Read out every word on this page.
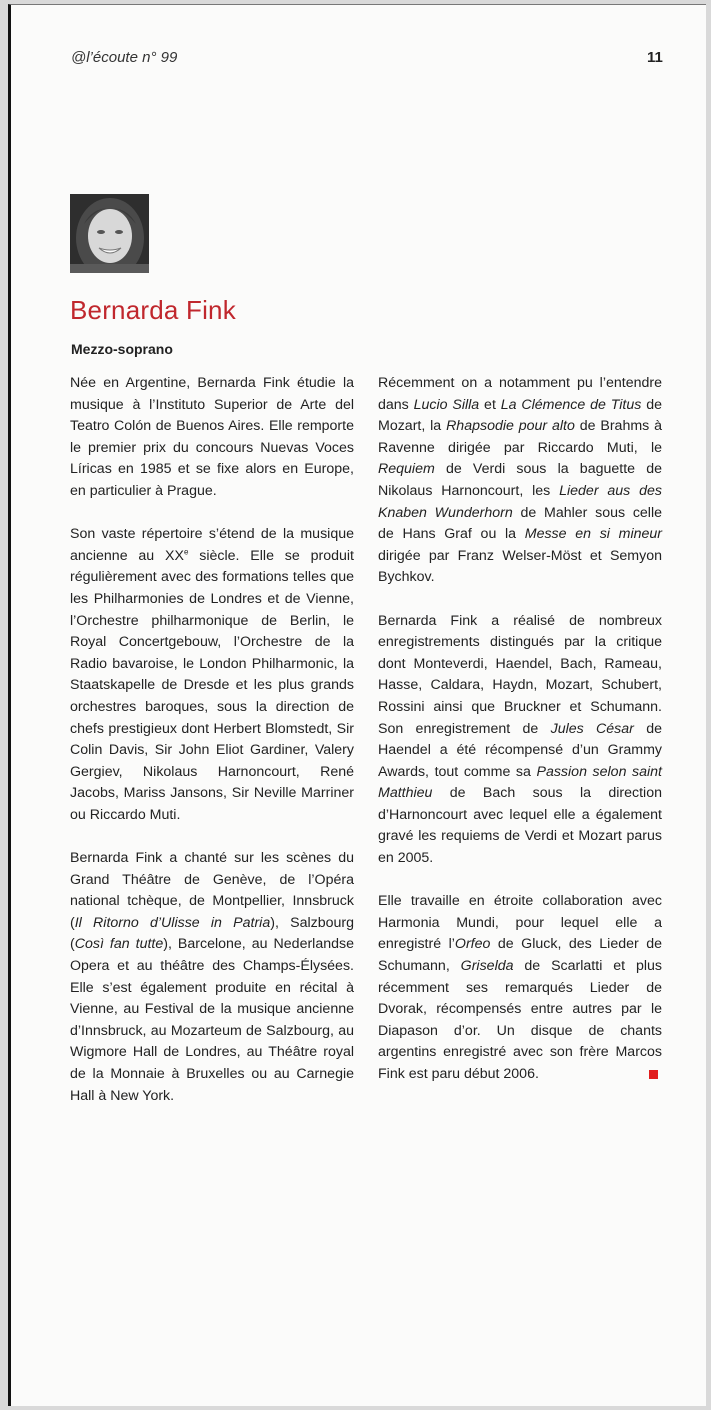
@l’écoute n° 99	11
Bernarda Fink
Mezzo-soprano

Née en Argentine, Bernarda Fink étudie la musique à l’Instituto Superior de Arte del Teatro Colón de Buenos Aires. Elle remporte le premier prix du concours Nuevas Voces Líricas en 1985 et se fixe alors en Europe, en particulier à Prague.

Son vaste répertoire s’étend de la musique ancienne au XXe siècle. Elle se produit régulièrement avec des formations telles que les Philharmonies de Londres et de Vienne, l’Orchestre philharmonique de Berlin, le Royal Concertgebouw, l’Orchestre de la Radio bavaroise, le London Philharmonic, la Staatskapelle de Dresde et les plus grands orchestres baroques, sous la direction de chefs prestigieux dont Herbert Blomstedt, Sir Colin Davis, Sir John Eliot Gardiner, Valery Gergiev, Nikolaus Harnoncourt, René Jacobs, Mariss Jansons, Sir Neville Marriner ou Riccardo Muti.

Bernarda Fink a chanté sur les scènes du Grand Théâtre de Genève, de l’Opéra national tchèque, de Montpellier, Innsbruck (Il Ritorno d’Ulisse in Patria), Salzbourg (Così fan tutte), Barcelone, au Nederlandse Opera et au théâtre des Champs-Élysées. Elle s’est également produite en récital à Vienne, au Festival de la musique ancienne d’Innsbruck, au Mozarteum de Salzbourg, au Wigmore Hall de Londres, au Théâtre royal de la Monnaie à Bruxelles ou au Carnegie Hall à New York.

Récemment on a notamment pu l’entendre dans Lucio Silla et La Clémence de Titus de Mozart, la Rhapsodie pour alto de Brahms à Ravenne dirigée par Riccardo Muti, le Requiem de Verdi sous la baguette de Nikolaus Harnoncourt, les Lieder aus des Knaben Wunderhorn de Mahler sous celle de Hans Graf ou la Messe en si mineur dirigée par Franz Welser-Möst et Semyon Bychkov.

Bernarda Fink a réalisé de nombreux enregistrements distingués par la critique dont Monteverdi, Haendel, Bach, Rameau, Hasse, Caldara, Haydn, Mozart, Schubert, Rossini ainsi que Bruckner et Schumann. Son enregistrement de Jules César de Haendel a été récompensé d’un Grammy Awards, tout comme sa Passion selon saint Matthieu de Bach sous la direction d’Harnoncourt avec lequel elle a également gravé les requiems de Verdi et Mozart parus en 2005.

Elle travaille en étroite collaboration avec Harmonia Mundi, pour lequel elle a enregistré l’Orfeo de Gluck, des Lieder de Schumann, Griselda de Scarlatti et plus récemment ses remarqués Lieder de Dvorak, récompensés entre autres par le Diapason d’or. Un disque de chants argentins enregistré avec son frère Marcos Fink est paru début 2006.
